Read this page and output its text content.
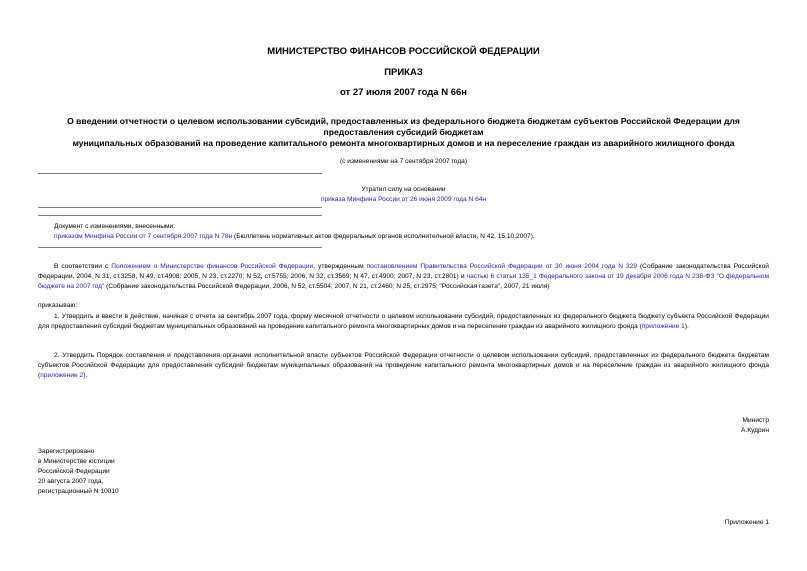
МИНИСТЕРСТВО ФИНАНСОВ РОССИЙСКОЙ ФЕДЕРАЦИИ
ПРИКАЗ
от 27 июля 2007 года N 66н
О введении отчетности о целевом использовании субсидий, предоставленных из федерального бюджета бюджетам субъектов Российской Федерации для
предоставления субсидий бюджетам
муниципальных образований на проведение капитального ремонта многоквартирных домов и на переселение граждан из аварийного жилищного фонда
(с изменениями на 7 сентября 2007 года)
Утратил силу на основании
приказа Минфина России от 26 июня 2009 года N 64н
Документ с изменениями, внесенными:
приказом Минфина России от 7 сентября 2007 года N 78н (Бюллетень нормативных актов федеральных органов исполнительной власти, N 42, 15.10.2007).
В соответствии с Положением о Министерстве финансов Российской Федерации, утвержденным постановлением Правительства Российской Федерации от 30 июня 2004 года N 329 (Собрание законодательства Российской Федерации, 2004, N 31, ст.3258, N 49, ст.4908; 2005, N 23, ст.2270; N 52, ст.5755; 2006, N 32, ст.3569; N 47, ст.4900; 2007, N 23, ст.2801) и частью 6 статьи 135_1 Федерального закона от 19 декабря 2006 года N 238-ФЗ "О федеральном бюджете на 2007 год" (Собрание законодательства Российской Федерации, 2006, N 52, ст.5504; 2007, N 21, ст.2460; N 25, ст.2975; "Российская газета", 2007, 21 июля)
приказываю:
1. Утвердить и ввести в действие, начиная с отчета за сентябрь 2007 года, форму месячной отчетности о целевом использовании субсидий, предоставленных из федерального бюджета бюджету субъекта Российской Федерации для предоставления субсидий бюджетам муниципальных образований на проведение капитального ремонта многоквартирных домов и на переселение граждан из аварийного жилищного фонда (приложение 1).
2. Утвердить Порядок составления и представления органами исполнительной власти субъектов Российской Федерации отчетности о целевом использовании субсидий, предоставленных из федерального бюджета бюджетам субъектов Российской Федерации для предоставления субсидий бюджетам муниципальных образований на проведение капитального ремонта многоквартирных домов и на переселение граждан из аварийного жилищного фонда (приложение 2).
Министр
А.Кудрин
Зарегистрировано
в Министерстве юстиции
Российской Федерации
20 августа 2007 года,
регистрационный N 10010
Приложение 1
